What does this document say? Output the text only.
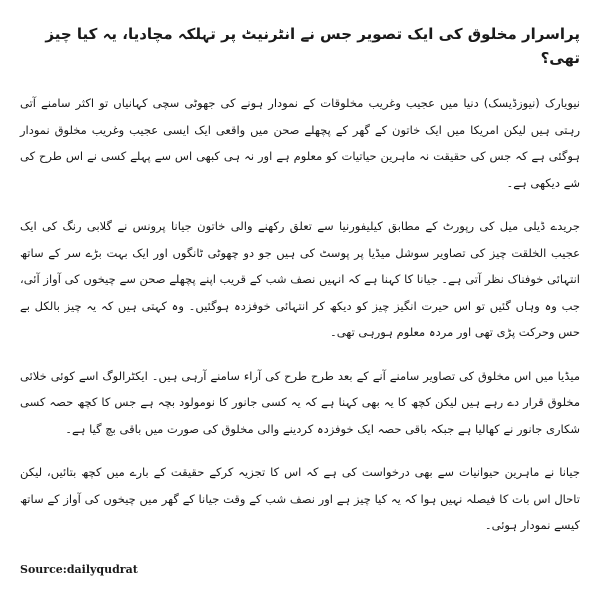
پراسرار مخلوق کی ایک تصویر جس نے انٹرنیٹ پر تہلکہ مچادیا، یہ کیا چیز تھی؟

نیویارک (نیوزڈیسک) دنیا میں عجیب وغریب مخلوقات کے نمودار ہونے کی جھوٹی سچی کہانیاں تو اکثر سامنے آتی رہتی ہیں لیکن امریکا میں ایک خاتون کے گھر کے پچھلے صحن میں واقعی ایک ایسی عجیب وغریب مخلوق نمودار ہوگئی ہے کہ جس کی حقیقت نہ ماہرین حیاتیات کو معلوم ہے اور نہ ہی کبھی اس سے پہلے کسی نے اس طرح کی شے دیکھی ہے۔

جریدے ڈیلی میل کی رپورٹ کے مطابق کیلیفورنیا سے تعلق رکھنے والی خاتون جیانا پرونس نے گلابی رنگ کی ایک عجیب الخلقت چیز کی تصاویر سوشل میڈیا پر پوسٹ کی ہیں جو دو چھوٹی ٹانگوں اور ایک بہت بڑے سر کے ساتھ انتہائی خوفناک نظر آتی ہے۔ جیانا کا کہنا ہے کہ انہیں نصف شب کے قریب اپنے پچھلے صحن سے چیخوں کی آواز آئی، جب وہ وہاں گئیں تو اس حیرت انگیز چیز کو دیکھ کر انتہائی خوفزدہ ہوگئیں۔ وہ کہتی ہیں کہ یہ چیز بالکل بے حس وحرکت پڑی تھی اور مردہ معلوم ہورہی تھی۔

میڈیا میں اس مخلوق کی تصاویر سامنے آنے کے بعد طرح طرح کی آراء سامنے آرہی ہیں۔ ایکٹرالوگ اسے کوئی خلائی مخلوق قرار دے رہے ہیں لیکن کچھ کا یہ بھی کہنا ہے کہ یہ کسی جانور کا نومولود بچہ ہے جس کا کچھ حصہ کسی شکاری جانور نے کھالیا ہے جبکہ باقی حصہ ایک خوفزدہ کردینے والی مخلوق کی صورت میں باقی بچ گیا ہے۔

جیانا نے ماہرین حیوانیات سے بھی درخواست کی ہے کہ اس کا تجزیہ کرکے حقیقت کے بارے میں کچھ بتائیں، لیکن تاحال اس بات کا فیصلہ نہیں ہوا کہ یہ کیا چیز ہے اور نصف شب کے وقت جیانا کے گھر میں چیخوں کی آواز کے ساتھ کیسے نمودار ہوئی۔

Source:dailyqudrat
